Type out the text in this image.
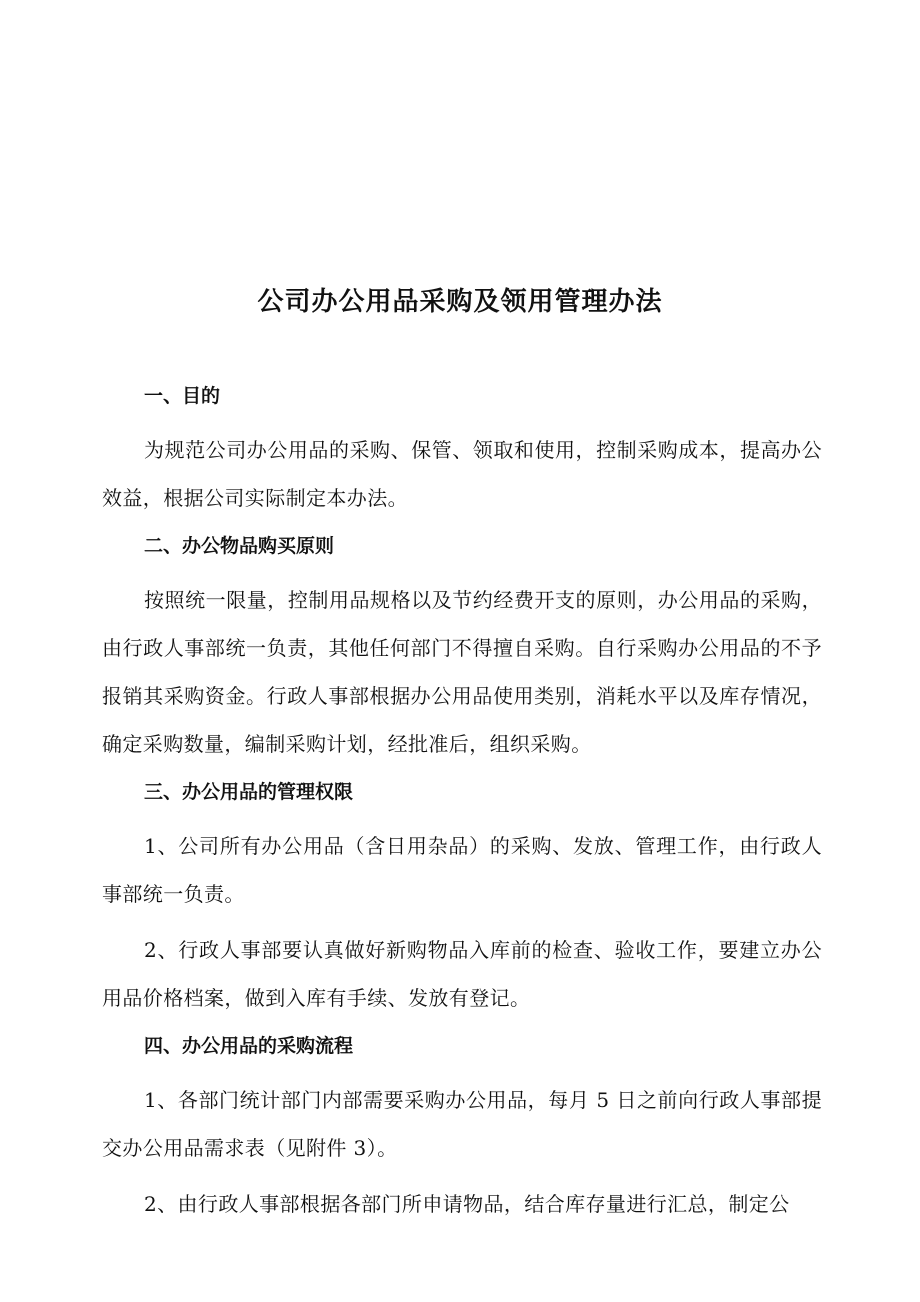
公司办公用品采购及领用管理办法
一、目的

为规范公司办公用品的采购、保管、领取和使用，控制采购成本，提高办公效益，根据公司实际制定本办法。

二、办公物品购买原则

按照统一限量，控制用品规格以及节约经费开支的原则，办公用品的采购，由行政人事部统一负责，其他任何部门不得擅自采购。自行采购办公用品的不予报销其采购资金。行政人事部根据办公用品使用类别，消耗水平以及库存情况，确定采购数量，编制采购计划，经批准后，组织采购。

三、办公用品的管理权限

1、公司所有办公用品（含日用杂品）的采购、发放、管理工作，由行政人事部统一负责。

2、行政人事部要认真做好新购物品入库前的检查、验收工作，要建立办公用品价格档案，做到入库有手续、发放有登记。

四、办公用品的采购流程

1、各部门统计部门内部需要采购办公用品，每月 5 日之前向行政人事部提交办公用品需求表（见附件 3）。

2、由行政人事部根据各部门所申请物品，结合库存量进行汇总，制定公
